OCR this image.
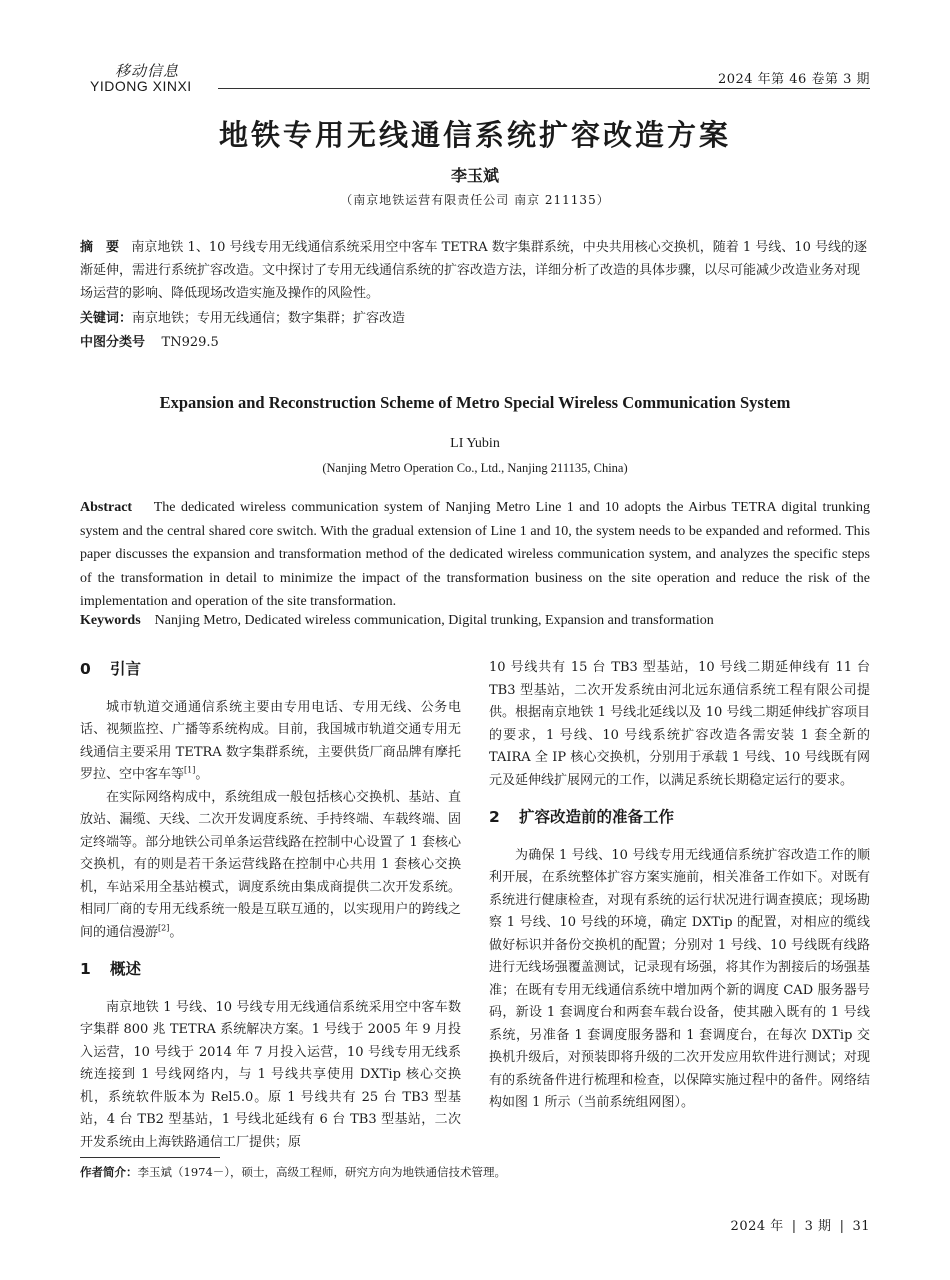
移动信息
YIDONG XINXI	2024 年第 46 卷第 3 期
地铁专用无线通信系统扩容改造方案
李玉斌
（南京地铁运营有限责任公司 南京 211135）
摘　要 南京地铁 1、10 号线专用无线通信系统采用空中客车 TETRA 数字集群系统，中央共用核心交换机，随着 1 号线、10 号线的逐渐延伸，需进行系统扩容改造。文中探讨了专用无线通信系统的扩容改造方法，详细分析了改造的具体步骤，以尽可能减少改造业务对现场运营的影响、降低现场改造实施及操作的风险性。
关键词：南京地铁；专用无线通信；数字集群；扩容改造
中图分类号 TN929.5
Expansion and Reconstruction Scheme of Metro Special Wireless Communication System
LI Yubin
(Nanjing Metro Operation Co., Ltd., Nanjing 211135, China)
Abstract The dedicated wireless communication system of Nanjing Metro Line 1 and 10 adopts the Airbus TETRA digital trunking system and the central shared core switch. With the gradual extension of Line 1 and 10, the system needs to be expanded and reformed. This paper discusses the expansion and transformation method of the dedicated wireless communication system, and analyzes the specific steps of the transformation in detail to minimize the impact of the transformation business on the site operation and reduce the risk of the implementation and operation of the site transformation.
Keywords Nanjing Metro, Dedicated wireless communication, Digital trunking, Expansion and transformation
0 引言

城市轨道交通通信系统主要由专用电话、专用无线、公务电话、视频监控、广播等系统构成。目前，我国城市轨道交通专用无线通信主要采用 TETRA 数字集群系统，主要供货厂商品牌有摩托罗拉、空中客车等[1]。

在实际网络构成中，系统组成一般包括核心交换机、基站、直放站、漏缆、天线、二次开发调度系统、手持终端、车载终端、固定终端等。部分地铁公司单条运营线路在控制中心设置了 1 套核心交换机，有的则是若干条运营线路在控制中心共用 1 套核心交换机，车站采用全基站模式，调度系统由集成商提供二次开发系统。相同厂商的专用无线系统一般是互联互通的，以实现用户的跨线之间的通信漫游[2]。

1 概述

南京地铁 1 号线、10 号线专用无线通信系统采用空中客车数字集群 800 兆 TETRA 系统解决方案。1 号线于 2005 年 9 月投入运营，10 号线于 2014 年 7 月投入运营，10 号线专用无线系统连接到 1 号线网络内，与 1 号线共享使用 DXTip 核心交换机，系统软件版本为 Rel5.0。原 1 号线共有 25 台 TB3 型基站，4 台 TB2 型基站，1 号线北延线有 6 台 TB3 型基站，二次开发系统由上海铁路通信工厂提供；原

10 号线共有 15 台 TB3 型基站，10 号线二期延伸线有 11 台 TB3 型基站，二次开发系统由河北远东通信系统工程有限公司提供。根据南京地铁 1 号线北延线以及 10 号线二期延伸线扩容项目的要求，1 号线、10 号线系统扩容改造各需安装 1 套全新的 TAIRA 全 IP 核心交换机，分别用于承载 1 号线、10 号线既有网元及延伸线扩展网元的工作，以满足系统长期稳定运行的要求。

2 扩容改造前的准备工作

为确保 1 号线、10 号线专用无线通信系统扩容改造工作的顺利开展，在系统整体扩容方案实施前，相关准备工作如下。对既有系统进行健康检查，对现有系统的运行状况进行调查摸底；现场勘察 1 号线、10 号线的环境，确定 DXTip 的配置，对相应的缆线做好标识并备份交换机的配置；分别对 1 号线、10 号线既有线路进行无线场强覆盖测试，记录现有场强，将其作为割接后的场强基准；在既有专用无线通信系统中增加两个新的调度 CAD 服务器号码，新设 1 套调度台和两套车载台设备，使其融入既有的 1 号线系统，另准备 1 套调度服务器和 1 套调度台，在每次 DXTip 交换机升级后，对预装即将升级的二次开发应用软件进行测试；对现有的系统备件进行梳理和检查，以保障实施过程中的备件。网络结构如图 1 所示（当前系统组网图）。

作者简介：李玉斌（1974－），硕士，高级工程师，研究方向为地铁通信技术管理。
2024 年 | 3 期 | 31
